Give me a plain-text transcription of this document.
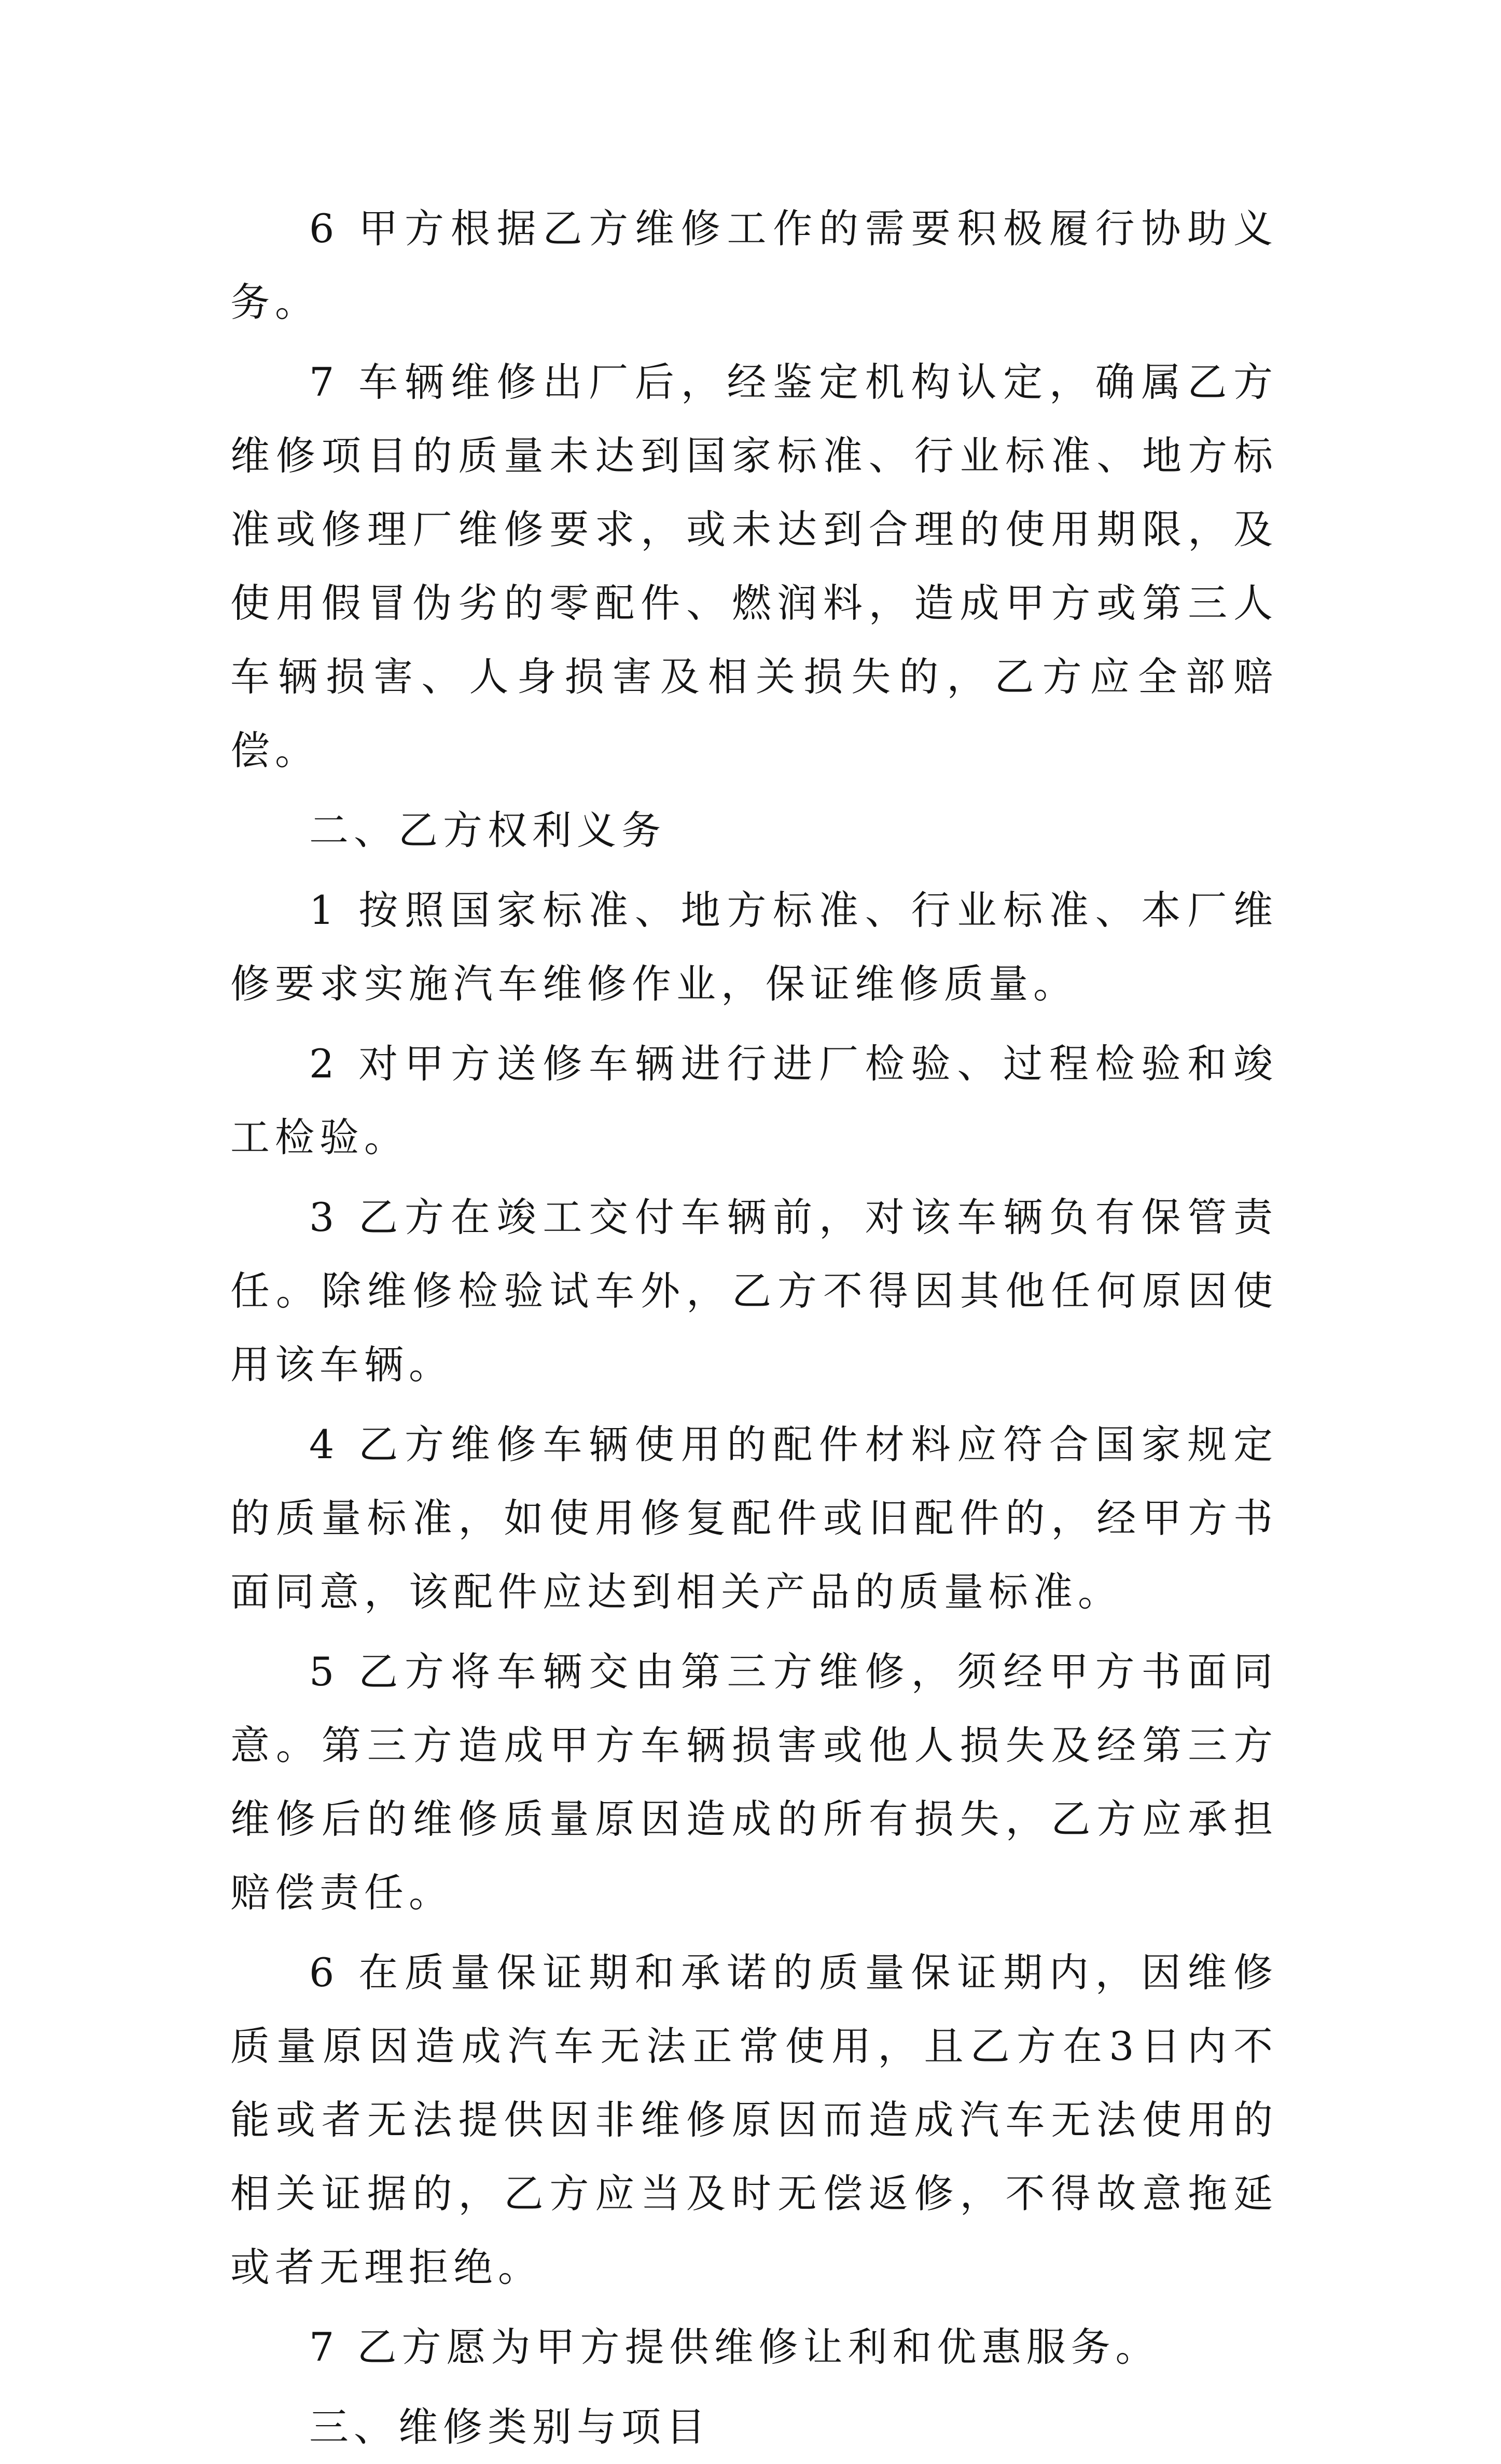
6 甲方根据乙方维修工作的需要积极履行协助义务。

7 车辆维修出厂后，经鉴定机构认定，确属乙方维修项目的质量未达到国家标准、行业标准、地方标准或修理厂维修要求，或未达到合理的使用期限，及使用假冒伪劣的零配件、燃润料，造成甲方或第三人车辆损害、人身损害及相关损失的，乙方应全部赔偿。

二、乙方权利义务

1 按照国家标准、地方标准、行业标准、本厂维修要求实施汽车维修作业，保证维修质量。

2 对甲方送修车辆进行进厂检验、过程检验和竣工检验。

3 乙方在竣工交付车辆前，对该车辆负有保管责任。除维修检验试车外，乙方不得因其他任何原因使用该车辆。

4 乙方维修车辆使用的配件材料应符合国家规定的质量标准，如使用修复配件或旧配件的，经甲方书面同意，该配件应达到相关产品的质量标准。

5 乙方将车辆交由第三方维修，须经甲方书面同意。第三方造成甲方车辆损害或他人损失及经第三方维修后的维修质量原因造成的所有损失，乙方应承担赔偿责任。

6 在质量保证期和承诺的质量保证期内，因维修质量原因造成汽车无法正常使用，且乙方在3日内不能或者无法提供因非维修原因而造成汽车无法使用的相关证据的，乙方应当及时无偿返修，不得故意拖延或者无理拒绝。

7 乙方愿为甲方提供维修让利和优惠服务。

三、维修类别与项目
